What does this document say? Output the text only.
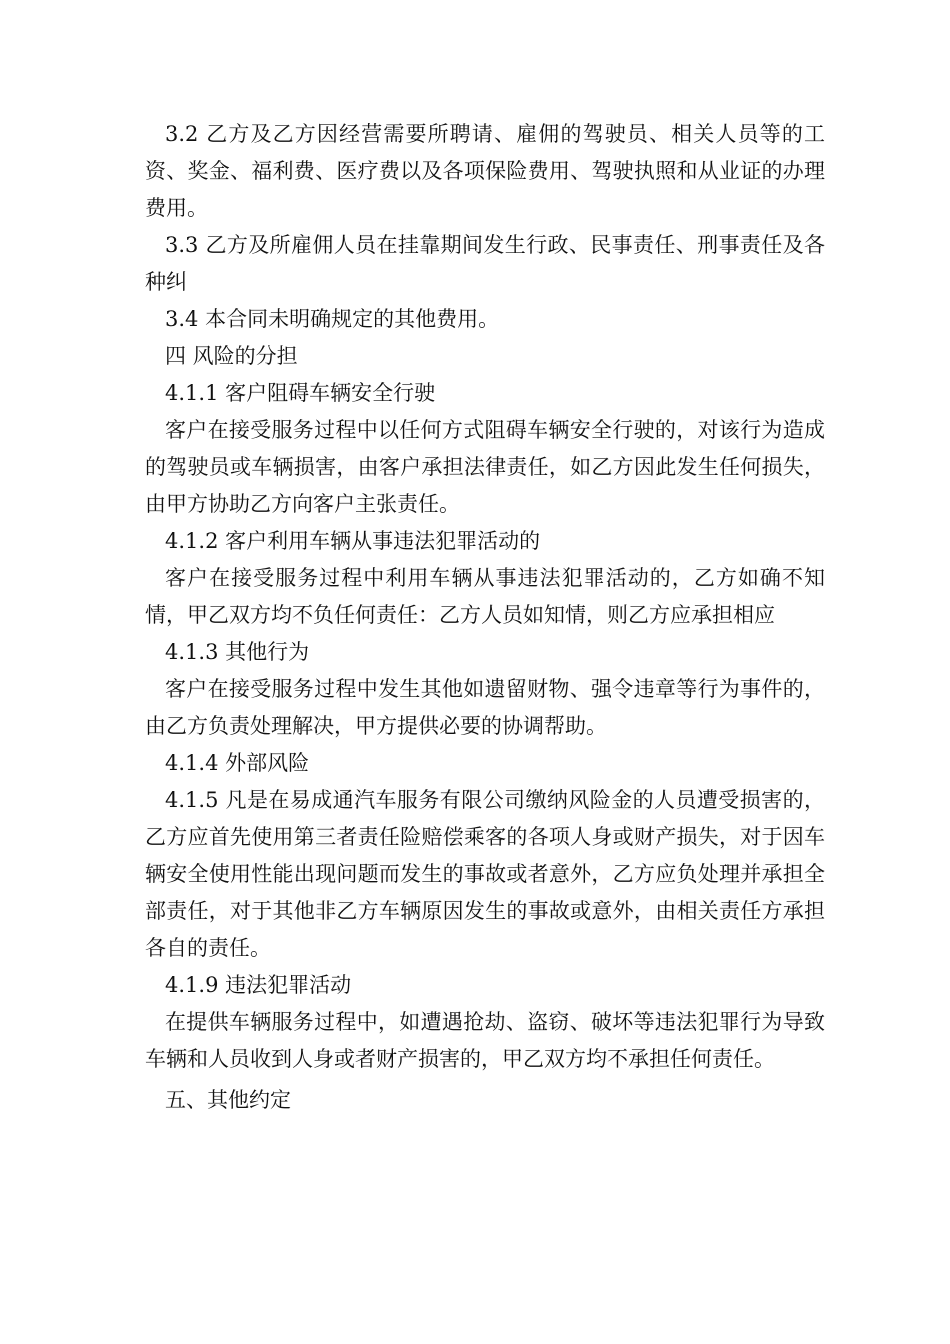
3.2 乙方及乙方因经营需要所聘请、雇佣的驾驶员、相关人员等的工资、奖金、福利费、医疗费以及各项保险费用、驾驶执照和从业证的办理费用。

3.3 乙方及所雇佣人员在挂靠期间发生行政、民事责任、刑事责任及各种纠

3.4 本合同未明确规定的其他费用。

四 风险的分担

4.1.1 客户阻碍车辆安全行驶

客户在接受服务过程中以任何方式阻碍车辆安全行驶的，对该行为造成的驾驶员或车辆损害，由客户承担法律责任，如乙方因此发生任何损失，由甲方协助乙方向客户主张责任。

4.1.2 客户利用车辆从事违法犯罪活动的

客户在接受服务过程中利用车辆从事违法犯罪活动的，乙方如确不知情，甲乙双方均不负任何责任：乙方人员如知情，则乙方应承担相应

4.1.3 其他行为

客户在接受服务过程中发生其他如遗留财物、强令违章等行为事件的，由乙方负责处理解决，甲方提供必要的协调帮助。

4.1.4 外部风险

4.1.5 凡是在易成通汽车服务有限公司缴纳风险金的人员遭受损害的，乙方应首先使用第三者责任险赔偿乘客的各项人身或财产损失，对于因车辆安全使用性能出现问题而发生的事故或者意外，乙方应负处理并承担全部责任，对于其他非乙方车辆原因发生的事故或意外，由相关责任方承担各自的责任。

4.1.9 违法犯罪活动

在提供车辆服务过程中，如遭遇抢劫、盗窃、破坏等违法犯罪行为导致车辆和人员收到人身或者财产损害的，甲乙双方均不承担任何责任。

五、其他约定
